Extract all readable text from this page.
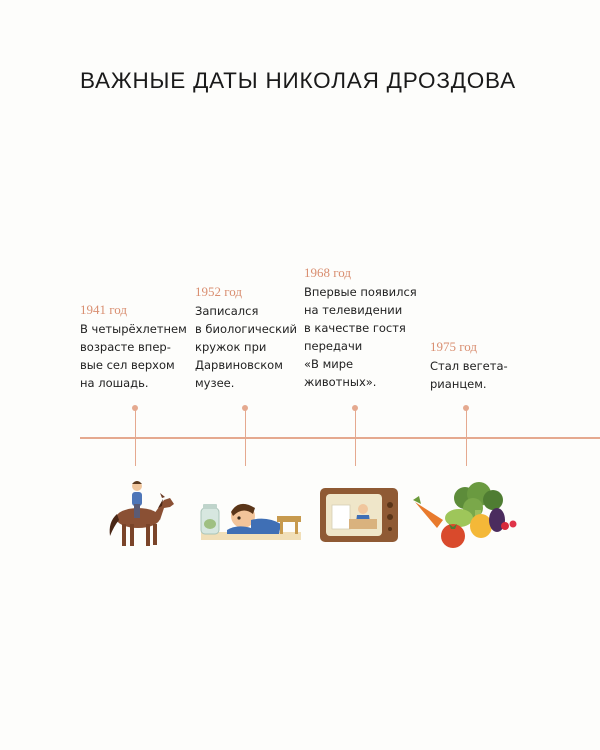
ВАЖНЫЕ ДАТЫ НИКОЛАЯ ДРОЗДОВА
1941 год
В четырёхлетнем
возрасте впер-
вые сел верхом
на лошадь.
1952 год
Записался
в биологический
кружок при
Дарвиновском
музее.
1968 год
Впервые появился
на телевидении
в качестве гостя
передачи
«В мире
животных».
1975 год
Стал вегета-
рианцем.
